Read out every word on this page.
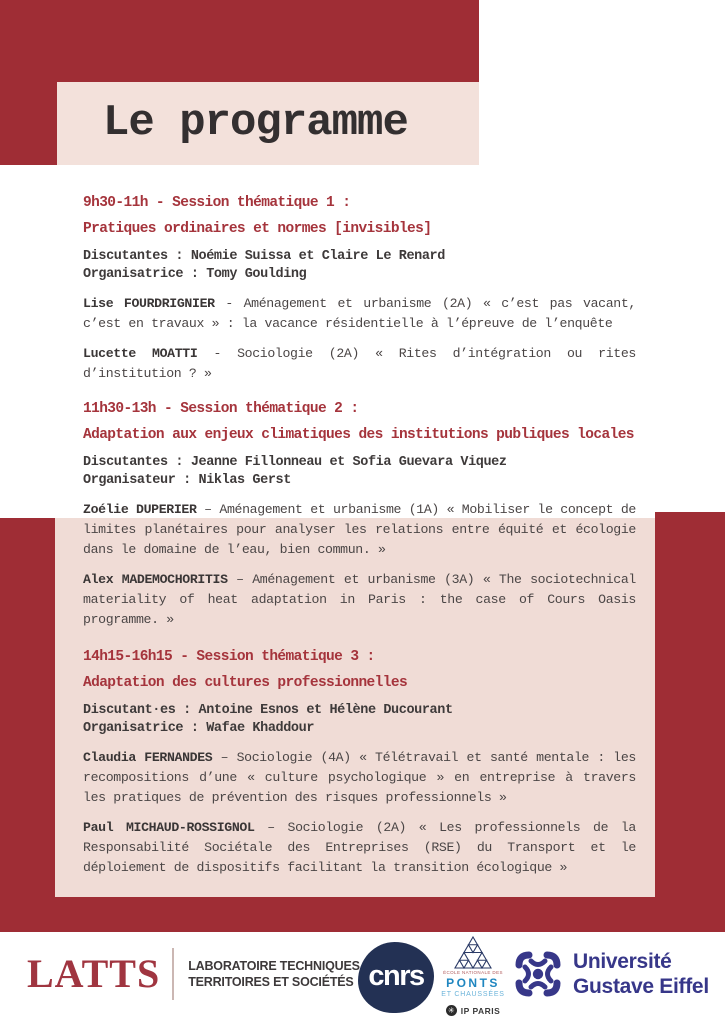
Le programme
9h30-11h - Session thématique 1 :
Pratiques ordinaires et normes [invisibles]
Discutantes : Noémie Suissa et Claire Le Renard
Organisatrice : Tomy Goulding
Lise FOURDRIGNIER - Aménagement et urbanisme (2A) « c’est pas vacant, c’est en travaux » : la vacance résidentielle à l’épreuve de l’enquête
Lucette MOATTI - Sociologie (2A) « Rites d’intégration ou rites d’institution ? »
11h30-13h - Session thématique 2 :
Adaptation aux enjeux climatiques des institutions publiques locales
Discutantes : Jeanne Fillonneau et Sofia Guevara Viquez
Organisateur : Niklas Gerst
Zoélie DUPERIER – Aménagement et urbanisme (1A) « Mobiliser le concept de limites planétaires pour analyser les relations entre équité et écologie dans le domaine de l’eau, bien commun. »
Alex MADEMOCHORITIS – Aménagement et urbanisme (3A) « The sociotechnical materiality of heat adaptation in Paris : the case of Cours Oasis programme. »
14h15-16h15 - Session thématique 3 :
Adaptation des cultures professionnelles
Discutant·es : Antoine Esnos et Hélène Ducourant
Organisatrice : Wafae Khaddour
Claudia FERNANDES – Sociologie (4A) « Télétravail et santé mentale : les recompositions d’une « culture psychologique » en entreprise à travers les pratiques de prévention des risques professionnels »
Paul MICHAUD-ROSSIGNOL – Sociologie (2A) « Les professionnels de la Responsabilité Sociétale des Entreprises (RSE) du Transport et le déploiement de dispositifs facilitant la transition écologique »
LATTS LABORATOIRE TECHNIQUES
TERRITOIRES ET SOCIÉTÉS cnrs	ÉCOLE NATIONALE DES
PONTS
ET CHAUSSÉES
✳ IP PARIS
Université
Gustave Eiffel
